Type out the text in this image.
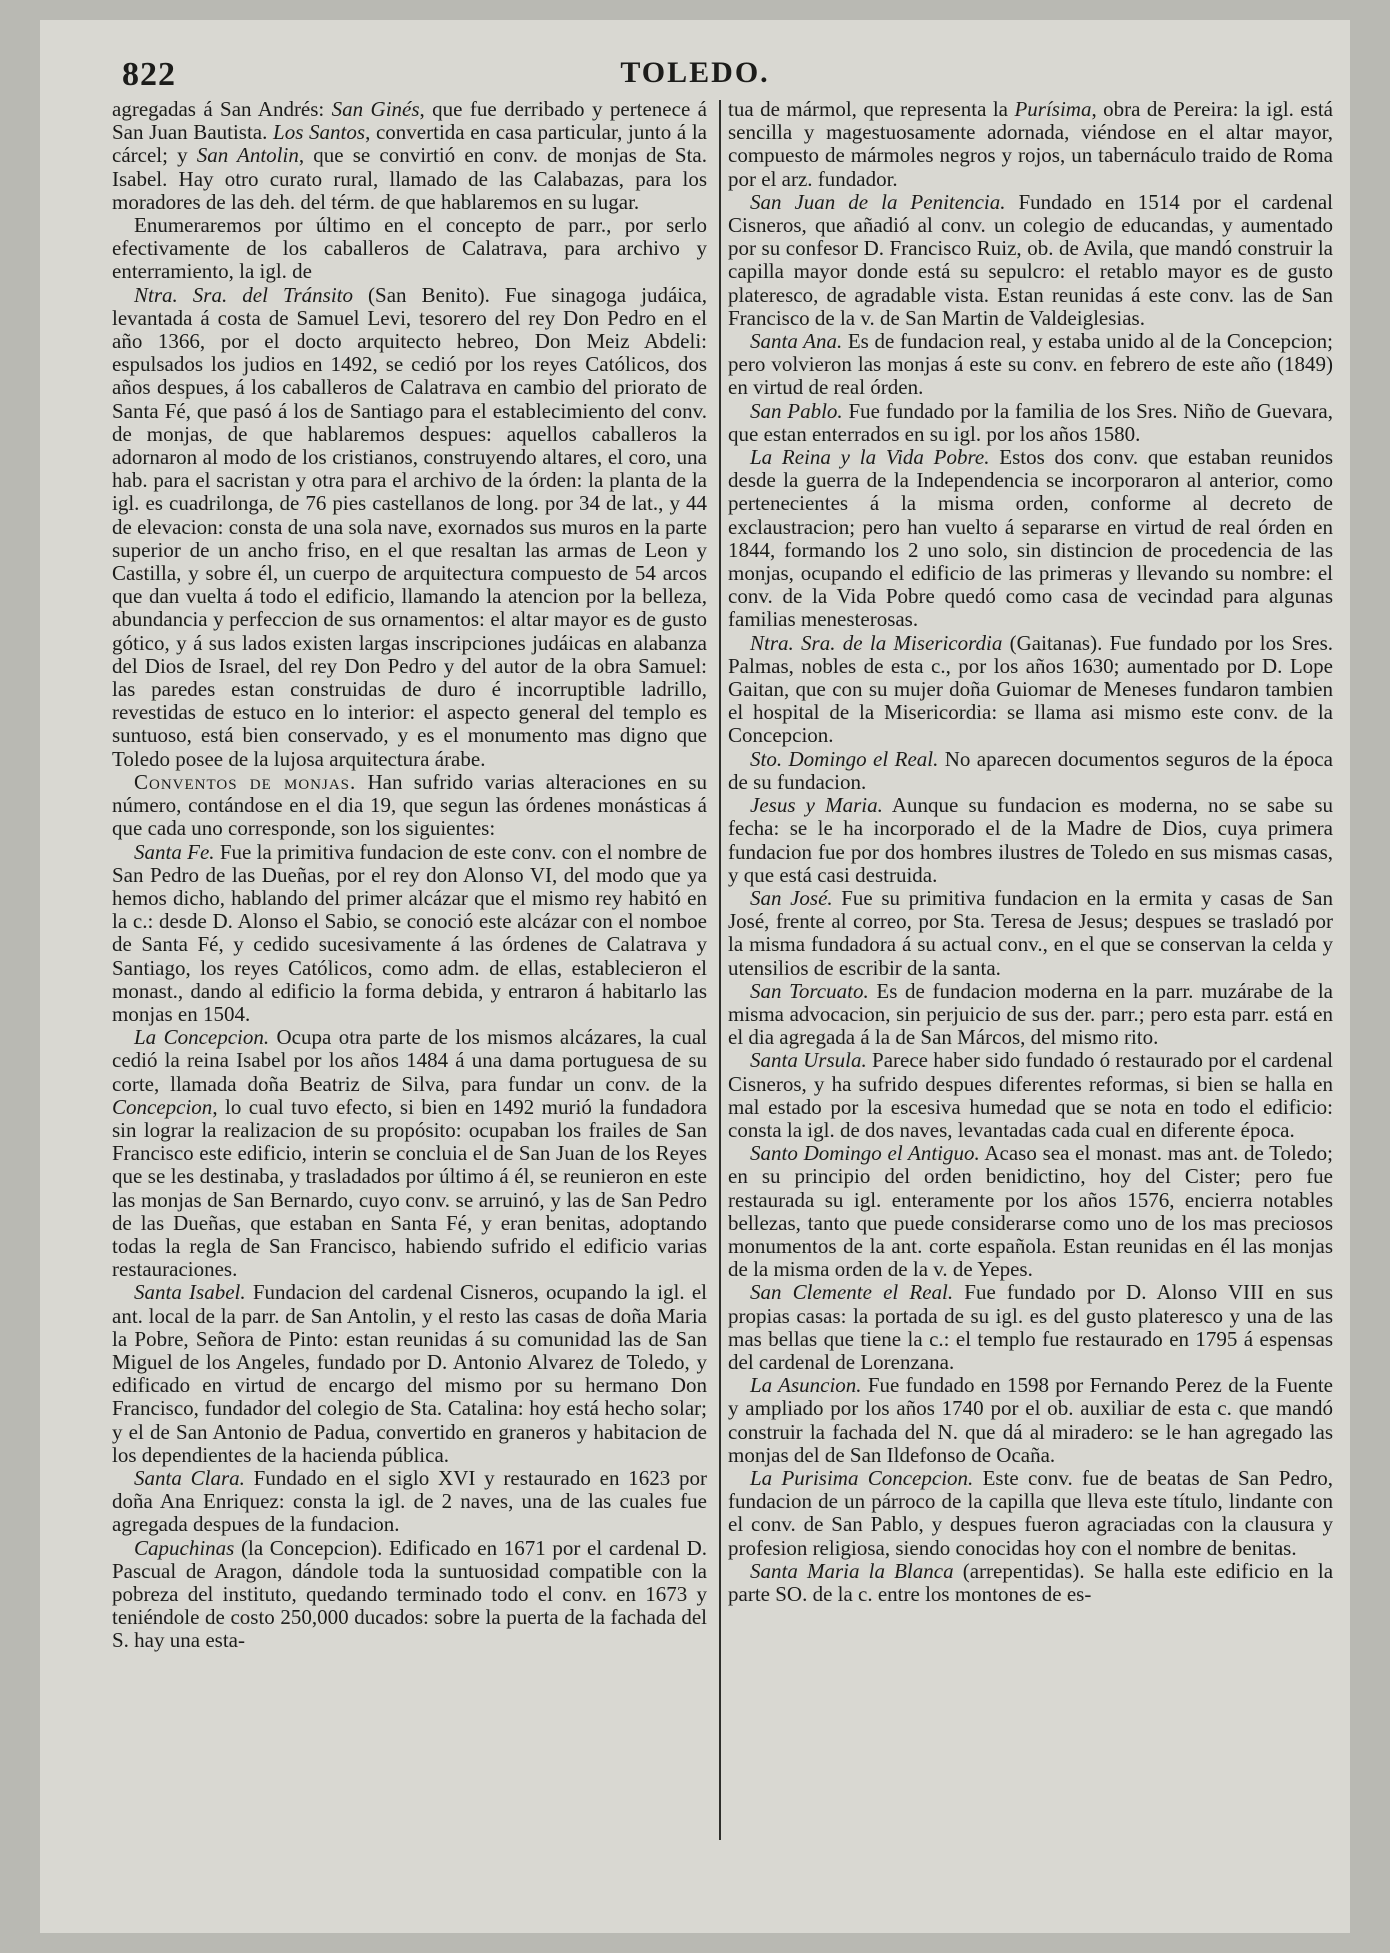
822	TOLEDO.

agregadas á San Andrés: San Ginés, que fue derribado y pertenece á San Juan Bautista. Los Santos, convertida en casa particular, junto á la cárcel; y San Antolin, que se convirtió en conv. de monjas de Sta. Isabel. Hay otro curato rural, llamado de las Calabazas, para los moradores de las deh. del térm. de que hablaremos en su lugar.

Enumeraremos por último en el concepto de parr., por serlo efectivamente de los caballeros de Calatrava, para archivo y enterramiento, la igl. de

Ntra. Sra. del Tránsito (San Benito). Fue sinagoga judáica, levantada á costa de Samuel Levi, tesorero del rey Don Pedro en el año 1366, por el docto arquitecto hebreo, Don Meiz Abdeli: espulsados los judios en 1492, se cedió por los reyes Católicos, dos años despues, á los caballeros de Calatrava en cambio del priorato de Santa Fé, que pasó á los de Santiago para el establecimiento del conv. de monjas, de que hablaremos despues: aquellos caballeros la adornaron al modo de los cristianos, construyendo altares, el coro, una hab. para el sacristan y otra para el archivo de la órden: la planta de la igl. es cuadrilonga, de 76 pies castellanos de long. por 34 de lat., y 44 de elevacion: consta de una sola nave, exornados sus muros en la parte superior de un ancho friso, en el que resaltan las armas de Leon y Castilla, y sobre él, un cuerpo de arquitectura compuesto de 54 arcos que dan vuelta á todo el edificio, llamando la atencion por la belleza, abundancia y perfeccion de sus ornamentos: el altar mayor es de gusto gótico, y á sus lados existen largas inscripciones judáicas en alabanza del Dios de Israel, del rey Don Pedro y del autor de la obra Samuel: las paredes estan construidas de duro é incorruptible ladrillo, revestidas de estuco en lo interior: el aspecto general del templo es suntuoso, está bien conservado, y es el monumento mas digno que Toledo posee de la lujosa arquitectura árabe.

Conventos de monjas. Han sufrido varias alteraciones en su número, contándose en el dia 19, que segun las órdenes monásticas á que cada uno corresponde, son los siguientes:

Santa Fe. Fue la primitiva fundacion de este conv. con el nombre de San Pedro de las Dueñas, por el rey don Alonso VI, del modo que ya hemos dicho, hablando del primer alcázar que el mismo rey habitó en la c.: desde D. Alonso el Sabio, se conoció este alcázar con el nomboe de Santa Fé, y cedido sucesivamente á las órdenes de Calatrava y Santiago, los reyes Católicos, como adm. de ellas, establecieron el monast., dando al edificio la forma debida, y entraron á habitarlo las monjas en 1504.

La Concepcion. Ocupa otra parte de los mismos alcázares, la cual cedió la reina Isabel por los años 1484 á una dama portuguesa de su corte, llamada doña Beatriz de Silva, para fundar un conv. de la Concepcion, lo cual tuvo efecto, si bien en 1492 murió la fundadora sin lograr la realizacion de su propósito: ocupaban los frailes de San Francisco este edificio, interin se concluia el de San Juan de los Reyes que se les destinaba, y trasladados por último á él, se reunieron en este las monjas de San Bernardo, cuyo conv. se arruinó, y las de San Pedro de las Dueñas, que estaban en Santa Fé, y eran benitas, adoptando todas la regla de San Francisco, habiendo sufrido el edificio varias restauraciones.

Santa Isabel. Fundacion del cardenal Cisneros, ocupando la igl. el ant. local de la parr. de San Antolin, y el resto las casas de doña Maria la Pobre, Señora de Pinto: estan reunidas á su comunidad las de San Miguel de los Angeles, fundado por D. Antonio Alvarez de Toledo, y edificado en virtud de encargo del mismo por su hermano Don Francisco, fundador del colegio de Sta. Catalina: hoy está hecho solar; y el de San Antonio de Padua, convertido en graneros y habitacion de los dependientes de la hacienda pública.

Santa Clara. Fundado en el siglo XVI y restaurado en 1623 por doña Ana Enriquez: consta la igl. de 2 naves, una de las cuales fue agregada despues de la fundacion.

Capuchinas (la Concepcion). Edificado en 1671 por el cardenal D. Pascual de Aragon, dándole toda la suntuosidad compatible con la pobreza del instituto, quedando terminado todo el conv. en 1673 y teniéndole de costo 250,000 ducados: sobre la puerta de la fachada del S. hay una esta-

tua de mármol, que representa la Purísima, obra de Pereira: la igl. está sencilla y magestuosamente adornada, viéndose en el altar mayor, compuesto de mármoles negros y rojos, un tabernáculo traido de Roma por el arz. fundador.

San Juan de la Penitencia. Fundado en 1514 por el cardenal Cisneros, que añadió al conv. un colegio de educandas, y aumentado por su confesor D. Francisco Ruiz, ob. de Avila, que mandó construir la capilla mayor donde está su sepulcro: el retablo mayor es de gusto plateresco, de agradable vista. Estan reunidas á este conv. las de San Francisco de la v. de San Martin de Valdeiglesias.

Santa Ana. Es de fundacion real, y estaba unido al de la Concepcion; pero volvieron las monjas á este su conv. en febrero de este año (1849) en virtud de real órden.

San Pablo. Fue fundado por la familia de los Sres. Niño de Guevara, que estan enterrados en su igl. por los años 1580.

La Reina y la Vida Pobre. Estos dos conv. que estaban reunidos desde la guerra de la Independencia se incorporaron al anterior, como pertenecientes á la misma orden, conforme al decreto de exclaustracion; pero han vuelto á separarse en virtud de real órden en 1844, formando los 2 uno solo, sin distincion de procedencia de las monjas, ocupando el edificio de las primeras y llevando su nombre: el conv. de la Vida Pobre quedó como casa de vecindad para algunas familias menesterosas.

Ntra. Sra. de la Misericordia (Gaitanas). Fue fundado por los Sres. Palmas, nobles de esta c., por los años 1630; aumentado por D. Lope Gaitan, que con su mujer doña Guiomar de Meneses fundaron tambien el hospital de la Misericordia: se llama asi mismo este conv. de la Concepcion.

Sto. Domingo el Real. No aparecen documentos seguros de la época de su fundacion.

Jesus y Maria. Aunque su fundacion es moderna, no se sabe su fecha: se le ha incorporado el de la Madre de Dios, cuya primera fundacion fue por dos hombres ilustres de Toledo en sus mismas casas, y que está casi destruida.

San José. Fue su primitiva fundacion en la ermita y casas de San José, frente al correo, por Sta. Teresa de Jesus; despues se trasladó por la misma fundadora á su actual conv., en el que se conservan la celda y utensilios de escribir de la santa.

San Torcuato. Es de fundacion moderna en la parr. muzárabe de la misma advocacion, sin perjuicio de sus der. parr.; pero esta parr. está en el dia agregada á la de San Márcos, del mismo rito.

Santa Ursula. Parece haber sido fundado ó restaurado por el cardenal Cisneros, y ha sufrido despues diferentes reformas, si bien se halla en mal estado por la escesiva humedad que se nota en todo el edificio: consta la igl. de dos naves, levantadas cada cual en diferente época.

Santo Domingo el Antiguo. Acaso sea el monast. mas ant. de Toledo; en su principio del orden benidictino, hoy del Cister; pero fue restaurada su igl. enteramente por los años 1576, encierra notables bellezas, tanto que puede considerarse como uno de los mas preciosos monumentos de la ant. corte española. Estan reunidas en él las monjas de la misma orden de la v. de Yepes.

San Clemente el Real. Fue fundado por D. Alonso VIII en sus propias casas: la portada de su igl. es del gusto plateresco y una de las mas bellas que tiene la c.: el templo fue restaurado en 1795 á espensas del cardenal de Lorenzana.

La Asuncion. Fue fundado en 1598 por Fernando Perez de la Fuente y ampliado por los años 1740 por el ob. auxiliar de esta c. que mandó construir la fachada del N. que dá al miradero: se le han agregado las monjas del de San Ildefonso de Ocaña.

La Purisima Concepcion. Este conv. fue de beatas de San Pedro, fundacion de un párroco de la capilla que lleva este título, lindante con el conv. de San Pablo, y despues fueron agraciadas con la clausura y profesion religiosa, siendo conocidas hoy con el nombre de benitas.

Santa Maria la Blanca (arrepentidas). Se halla este edificio en la parte SO. de la c. entre los montones de es-
